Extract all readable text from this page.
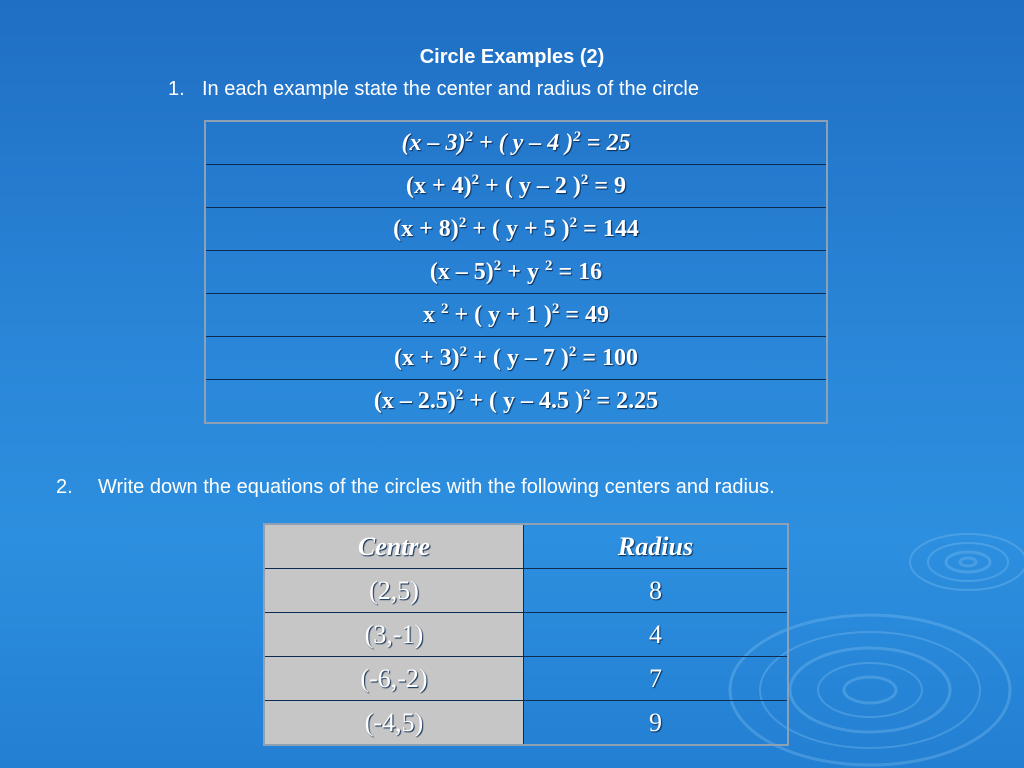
Circle Examples (2)
1. In each example state the center and radius of the circle
(x – 3)$^2$ + ( y – 4 )$^2$ = 25
$(x + 4)^2$ + ( y – 2 )$^2$ = 9
$(x + 8)^2$ + ( y + 5 )$^2$ = 144
(x – 5)$^2$ + y $^2$ = 16
x $^2$ + ( y + 1 )$^2$ = 49
$(x + 3)^2$ + ( y – 7 )$^2$ = 100
(x – 2.5)$^2$ + ( y – 4.5 )$^2$ = 2.25
2. Write down the equations of the circles with the following centers and radius.
Centre	Radius
(2,5)	8
(3,-1)	4
(-6,-2)	7
(-4,5)	9
